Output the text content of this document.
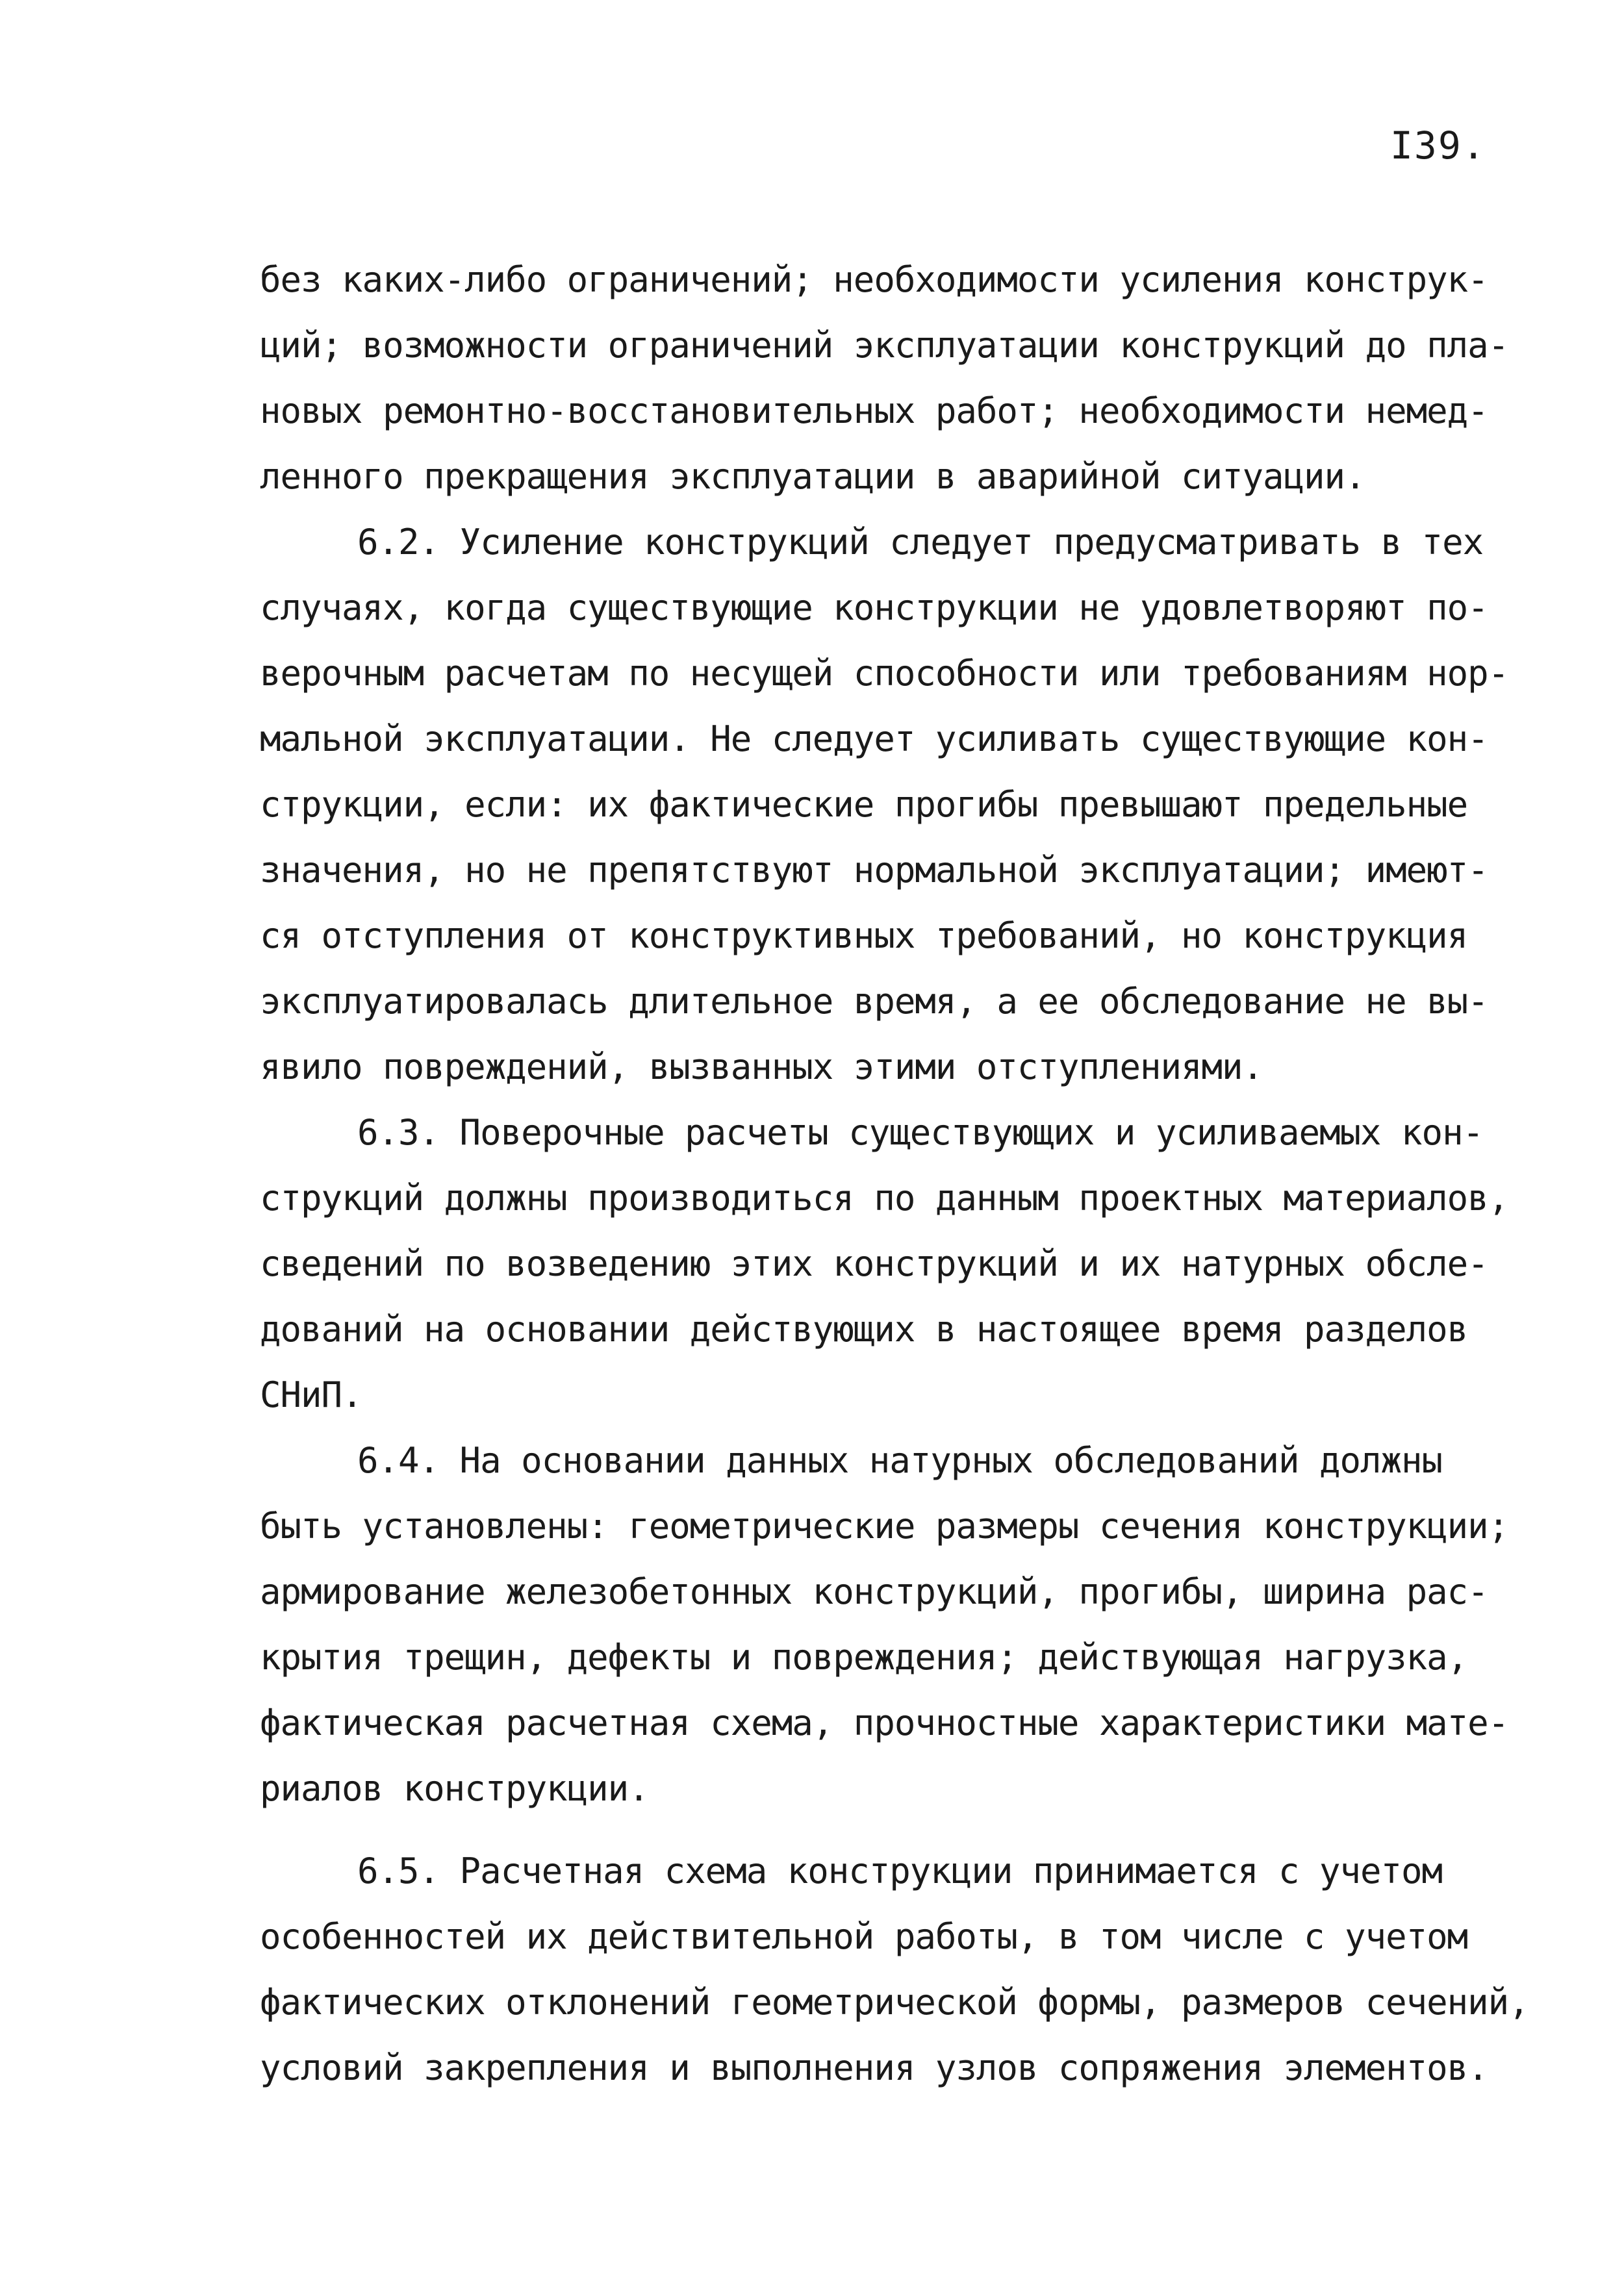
I39.
без каких-либо ограничений; необходимости усиления конструк-
ций; возможности ограничений эксплуатации конструкций до пла-
новых ремонтно-восстановительных работ; необходимости немед-
ленного прекращения эксплуатации в аварийной ситуации.
6.2. Усиление конструкций следует предусматривать в тех
случаях, когда существующие конструкции не удовлетворяют по-
верочным расчетам по несущей способности или требованиям нор-
мальной эксплуатации. Не следует усиливать существующие кон-
струкции, если: их фактические прогибы превышают предельные
значения, но не препятствуют нормальной эксплуатации; имеют-
ся отступления от конструктивных требований, но конструкция
эксплуатировалась длительное время, а ее обследование не вы-
явило повреждений, вызванных этими отступлениями.
6.3. Поверочные расчеты существующих и усиливаемых кон-
струкций должны производиться по данным проектных материалов,
сведений по возведению этих конструкций и их натурных обсле-
дований на основании действующих в настоящее время разделов
СНиП.
6.4. На основании данных натурных обследований должны
быть установлены: геометрические размеры сечения конструкции;
армирование железобетонных конструкций, прогибы, ширина рас-
крытия трещин, дефекты и повреждения; действующая нагрузка,
фактическая расчетная схема, прочностные характеристики мате-
риалов конструкции.
6.5. Расчетная схема конструкции принимается с учетом
особенностей их действительной работы, в том числе с учетом
фактических отклонений геометрической формы, размеров сечений,
условий закрепления и выполнения узлов сопряжения элементов.
